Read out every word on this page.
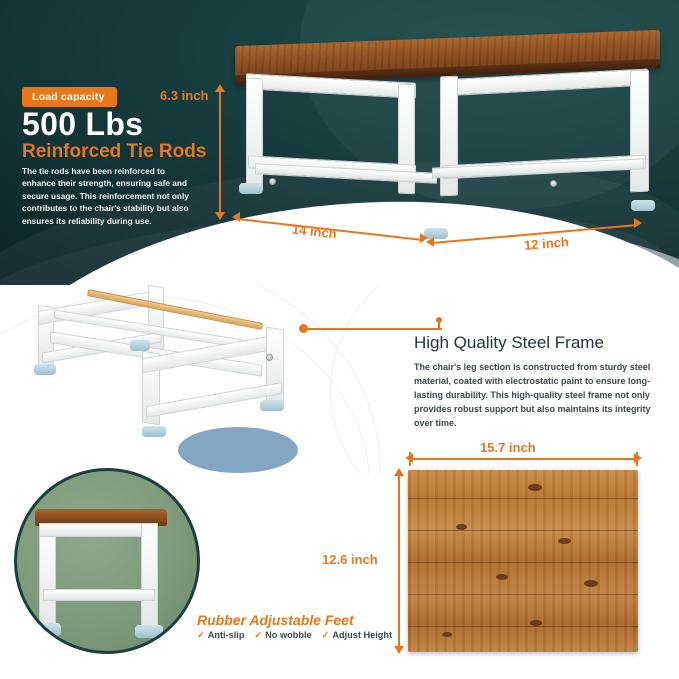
Load capacity
500 Lbs
Reinforced Tie Rods
The tie rods have been reinforced to enhance their strength, ensuring safe and secure usage. This reinforcement not only contributes to the chair's stability but also ensures its reliability during use.
6.3 inch
14 inch
12 inch
High Quality Steel Frame
The chair's leg section is constructed from sturdy steel material, coated with electrostatic paint to ensure long-lasting durability. This high-quality steel frame not only provides robust support but also maintains its integrity over time.
Rubber Adjustable Feet
✓ Anti-slip ✓ No wobble ✓ Adjust Height
15.7 inch
12.6 inch
